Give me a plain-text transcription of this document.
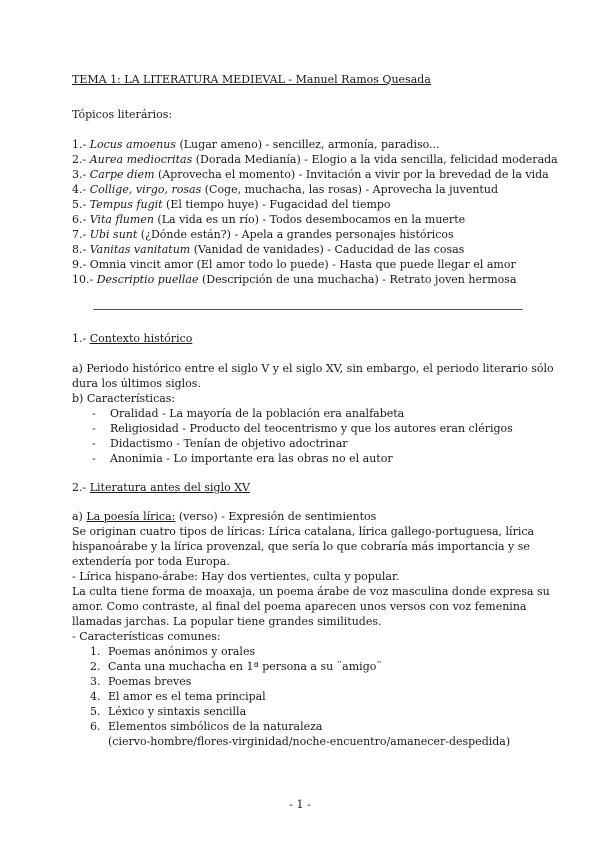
TEMA 1: LA LITERATURA MEDIEVAL - Manuel Ramos Quesada
Tópicos literários:
1.- Locus amoenus (Lugar ameno) - sencillez, armonía, paradiso...
2.- Aurea mediocritas (Dorada Medianía) - Elogio a la vida sencilla, felicidad moderada
3.- Carpe diem (Aprovecha el momento) - Invitación a vivir por la brevedad de la vida
4.- Collige, virgo, rosas (Coge, muchacha, las rosas) - Aprovecha la juventud
5.- Tempus fugit (El tiempo huye) - Fugacidad del tiempo
6.- Vita flumen (La vida es un río) - Todos desembocamos en la muerte
7.- Ubi sunt (¿Dónde están?) - Apela a grandes personajes históricos
8.- Vanitas vanitatum (Vanidad de vanidades) - Caducidad de las cosas
9.- Omnia vincit amor (El amor todo lo puede) - Hasta que puede llegar el amor
10.- Descriptio puellae (Descripción de una muchacha) - Retrato joven hermosa
1.- Contexto histórico
a) Periodo histórico entre el siglo V y el siglo XV, sin embargo, el periodo literario sólo
dura los últimos siglos.
b) Características:
- Oralidad - La mayoría de la población era analfabeta
- Religiosidad - Producto del teocentrismo y que los autores eran clérigos
- Didactismo - Tenían de objetivo adoctrinar
- Anonimia - Lo importante era las obras no el autor
2.- Literatura antes del siglo XV
a) La poesía lírica: (verso) - Expresión de sentimientos
Se originan cuatro tipos de líricas: Lírica catalana, lírica gallego-portuguesa, lírica
hispanoárabe y la lírica provenzal, que sería lo que cobraría más importancia y se
extendería por toda Europa.
- Lírica hispano-árabe: Hay dos vertientes, culta y popular.
La culta tiene forma de moaxaja, un poema árabe de voz masculina donde expresa su
amor. Como contraste, al final del poema aparecen unos versos con voz femenina
llamadas jarchas. La popular tiene grandes similitudes.
- Características comunes:
1. Poemas anónimos y orales
2. Canta una muchacha en 1ª persona a su ¨amigo¨
3. Poemas breves
4. El amor es el tema principal
5. Léxico y sintaxis sencilla
6. Elementos simbólicos de la naturaleza
(ciervo-hombre/flores-virginidad/noche-encuentro/amanecer-despedida)
- 1 -
